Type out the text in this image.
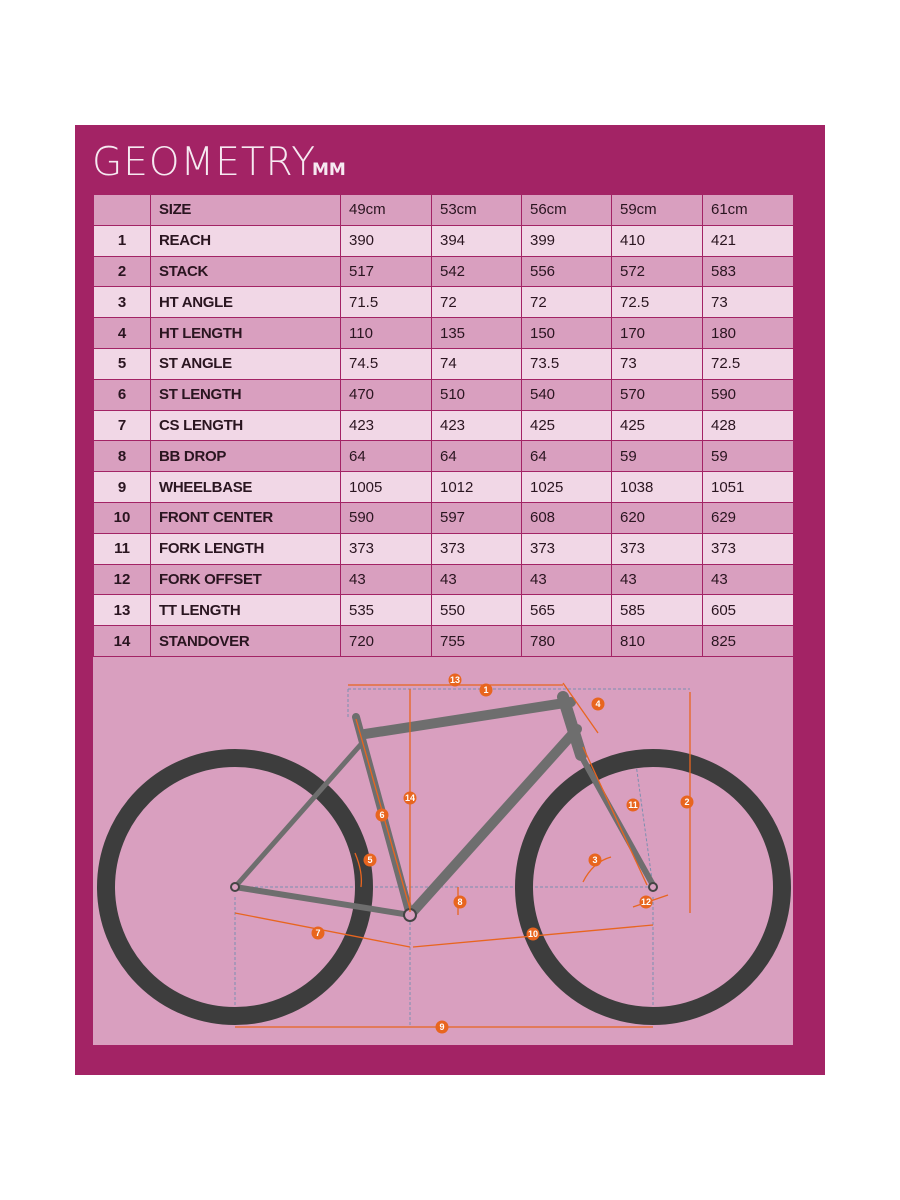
GEOMETRY
MM
	SIZE	49cm	53cm	56cm	59cm	61cm
1	REACH	390	394	399	410	421
2	STACK	517	542	556	572	583
3	HT ANGLE	71.5	72	72	72.5	73
4	HT LENGTH	110	135	150	170	180
5	ST ANGLE	74.5	74	73.5	73	72.5
6	ST LENGTH	470	510	540	570	590
7	CS LENGTH	423	423	425	425	428
8	BB DROP	64	64	64	59	59
9	WHEELBASE	1005	1012	1025	1038	1051
10	FRONT CENTER	590	597	608	620	629
11	FORK LENGTH	373	373	373	373	373
12	FORK OFFSET	43	43	43	43	43
13	TT LENGTH	535	550	565	585	605
14	STANDOVER	720	755	780	810	825
1
2
3
4
5
6
7
8
9
10
11
12
13
14
